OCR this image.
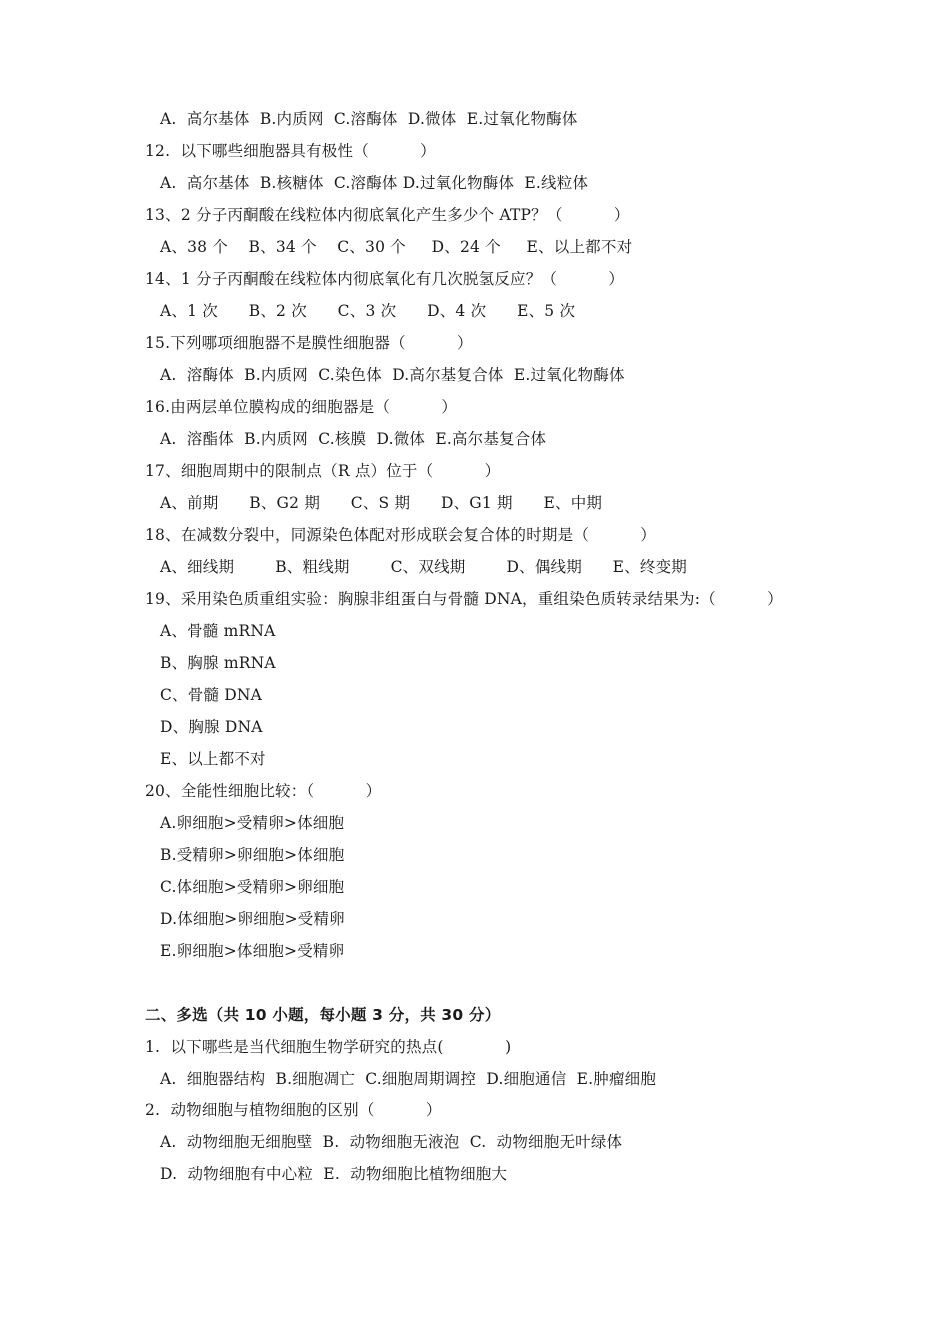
A.  高尔基体  B.内质网  C.溶酶体  D.微体  E.过氧化物酶体
12.  以下哪些细胞器具有极性（          ）
A.  高尔基体  B.核糖体  C.溶酶体 D.过氧化物酶体  E.线粒体
13、2 分子丙酮酸在线粒体内彻底氧化产生多少个 ATP？（          ）
A、38 个    B、34 个    C、30 个     D、24 个     E、以上都不对
14、1 分子丙酮酸在线粒体内彻底氧化有几次脱氢反应？（          ）
A、1 次      B、2 次      C、3 次      D、4 次      E、5 次
15.下列哪项细胞器不是膜性细胞器（          ）
A.  溶酶体  B.内质网  C.染色体  D.高尔基复合体  E.过氧化物酶体
16.由两层单位膜构成的细胞器是（          ）
A.  溶酯体  B.内质网  C.核膜  D.微体  E.高尔基复合体
17、细胞周期中的限制点（R 点）位于（          ）
A、前期      B、G2 期      C、S 期      D、G1 期      E、中期
18、在减数分裂中，同源染色体配对形成联会复合体的时期是（          ）
A、细线期        B、粗线期        C、双线期        D、偶线期      E、终变期
19、采用染色质重组实验：胸腺非组蛋白与骨髓 DNA，重组染色质转录结果为:（          ）
A、骨髓 mRNA
B、胸腺 mRNA
C、骨髓 DNA
D、胸腺 DNA
E、以上都不对
20、全能性细胞比较：（          ）
A.卵细胞>受精卵>体细胞
B.受精卵>卵细胞>体细胞
C.体细胞>受精卵>卵细胞
D.体细胞>卵细胞>受精卵
E.卵细胞>体细胞>受精卵
二、多选（共 10 小题，每小题 3 分，共 30 分）
1.  以下哪些是当代细胞生物学研究的热点(            )
A.  细胞器结构  B.细胞凋亡  C.细胞周期调控  D.细胞通信  E.肿瘤细胞
2.  动物细胞与植物细胞的区别（          ）
A.  动物细胞无细胞壁  B.  动物细胞无液泡  C.  动物细胞无叶绿体
D.  动物细胞有中心粒  E.  动物细胞比植物细胞大
